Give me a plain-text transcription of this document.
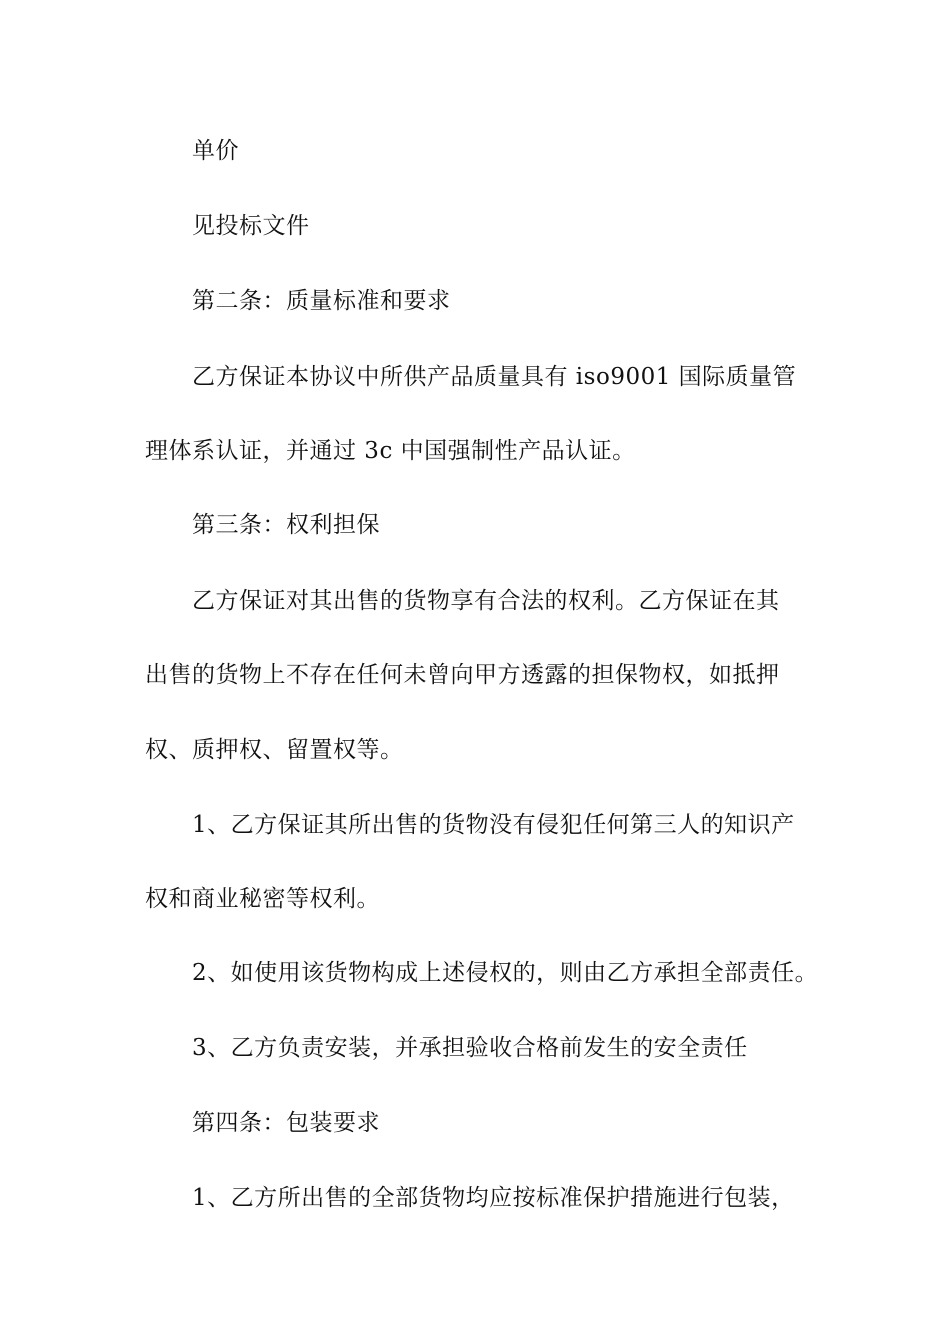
单价
见投标文件
第二条：质量标准和要求
乙方保证本协议中所供产品质量具有 iso9001 国际质量管
理体系认证，并通过 3c 中国强制性产品认证。
第三条：权利担保
乙方保证对其出售的货物享有合法的权利。乙方保证在其
出售的货物上不存在任何未曾向甲方透露的担保物权，如抵押
权、质押权、留置权等。
1、乙方保证其所出售的货物没有侵犯任何第三人的知识产
权和商业秘密等权利。
2、如使用该货物构成上述侵权的，则由乙方承担全部责任。
3、乙方负责安装，并承担验收合格前发生的安全责任
第四条：包装要求
1、乙方所出售的全部货物均应按标准保护措施进行包装，
